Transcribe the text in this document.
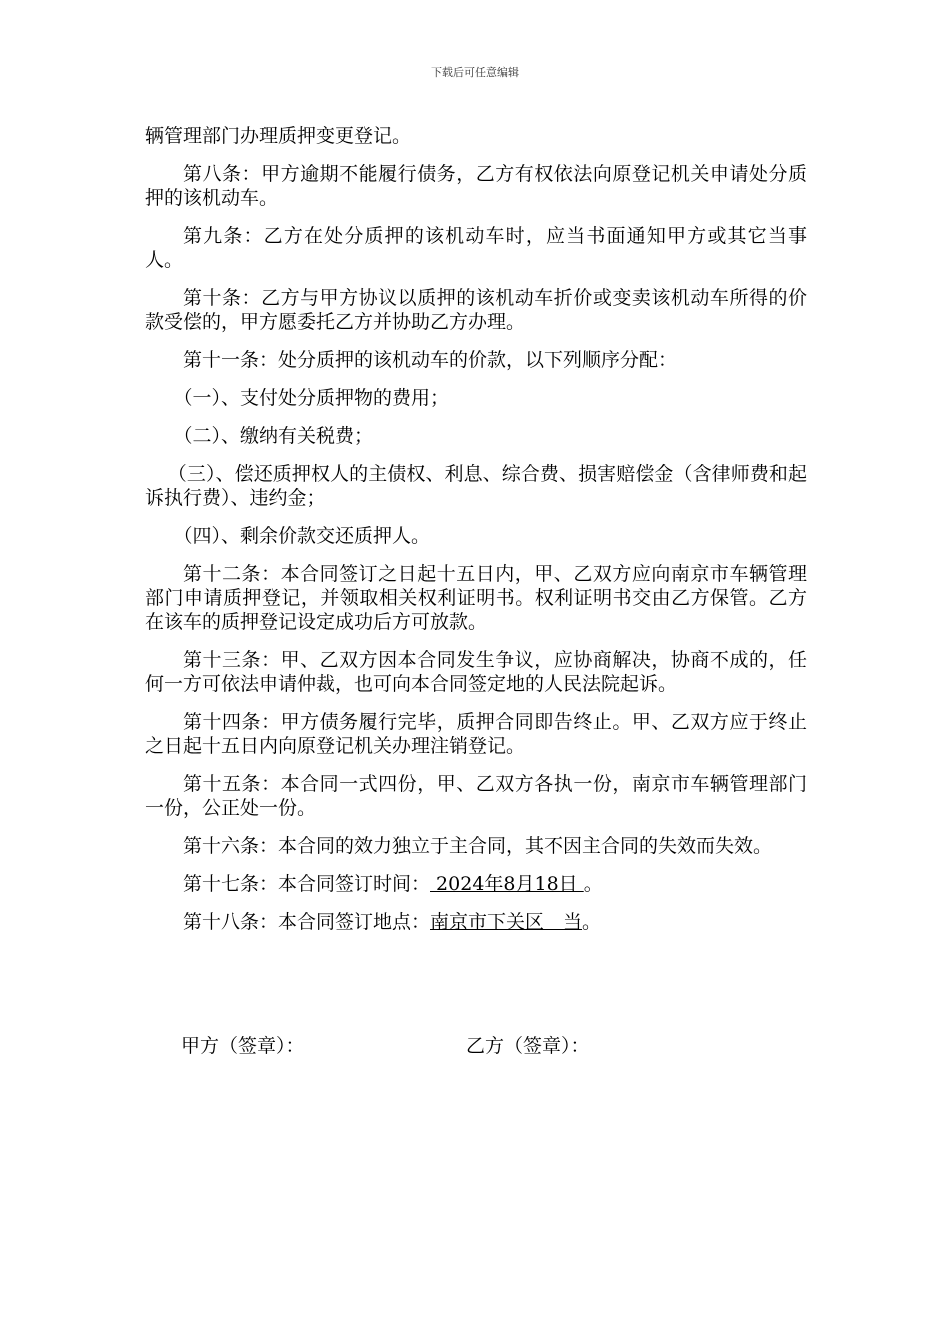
下载后可任意编辑

辆管理部门办理质押变更登记。

第八条：甲方逾期不能履行债务，乙方有权依法向原登记机关申请处分质押的该机动车。

第九条：乙方在处分质押的该机动车时，应当书面通知甲方或其它当事人。

第十条：乙方与甲方协议以质押的该机动车折价或变卖该机动车所得的价款受偿的，甲方愿委托乙方并协助乙方办理。

第十一条：处分质押的该机动车的价款，以下列顺序分配：

（一）、支付处分质押物的费用；

（二）、缴纳有关税费；

（三）、偿还质押权人的主债权、利息、综合费、损害赔偿金（含律师费和起诉执行费）、违约金；

（四）、剩余价款交还质押人。

第十二条：本合同签订之日起十五日内，甲、乙双方应向南京市车辆管理部门申请质押登记，并领取相关权利证明书。权利证明书交由乙方保管。乙方在该车的质押登记设定成功后方可放款。

第十三条：甲、乙双方因本合同发生争议，应协商解决，协商不成的，任何一方可依法申请仲裁，也可向本合同签定地的人民法院起诉。

第十四条：甲方债务履行完毕，质押合同即告终止。甲、乙双方应于终止之日起十五日内向原登记机关办理注销登记。

第十五条：本合同一式四份，甲、乙双方各执一份，南京市车辆管理部门一份，公正处一份。

第十六条：本合同的效力独立于主合同，其不因主合同的失效而失效。

第十七条：本合同签订时间： 2024年8月18日 。

第十八条：本合同签订地点：南京市下关区　当。

甲方（签章）：	乙方（签章）：
